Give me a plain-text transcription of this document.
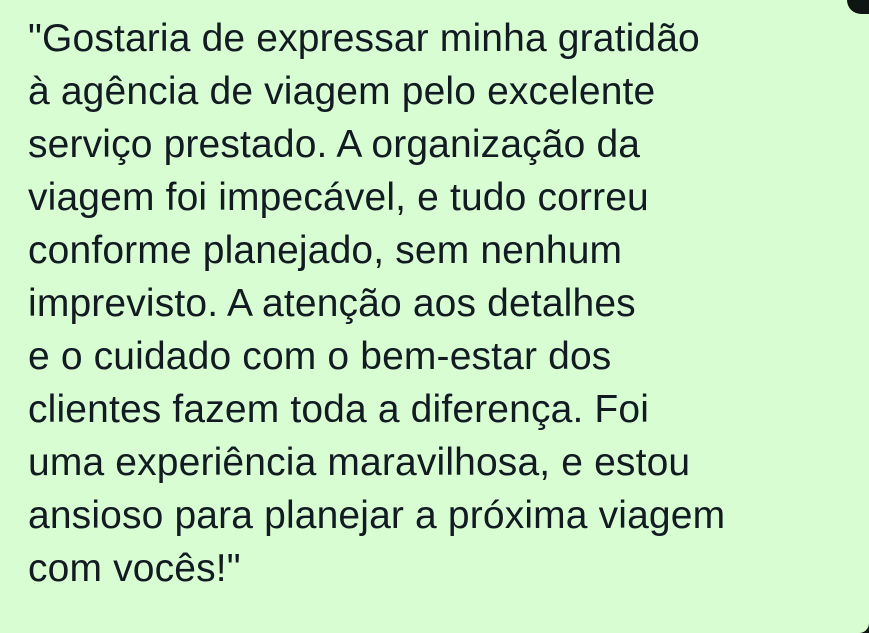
"Gostaria de expressar minha gratidão
à agência de viagem pelo excelente
serviço prestado. A organização da
viagem foi impecável, e tudo correu
conforme planejado, sem nenhum
imprevisto. A atenção aos detalhes
e o cuidado com o bem-estar dos
clientes fazem toda a diferença. Foi
uma experiência maravilhosa, e estou
ansioso para planejar a próxima viagem
com vocês!"
